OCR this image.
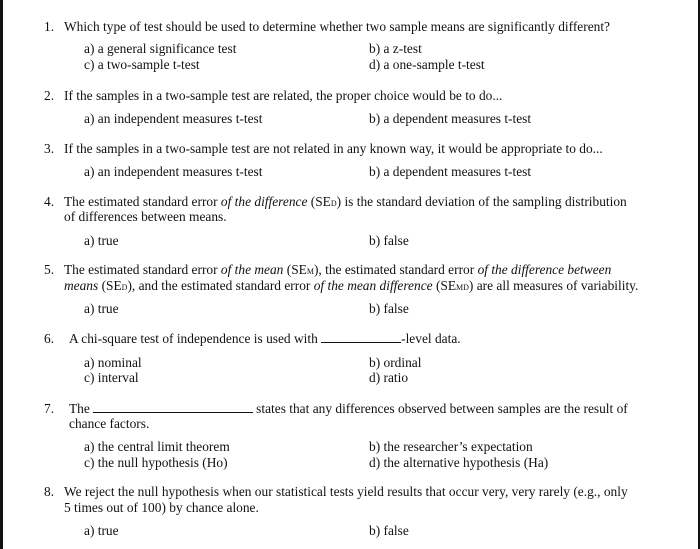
1. Which type of test should be used to determine whether two sample means are significantly different?
a) a general significance test	b) a z-test
c) a two-sample t-test	d) a one-sample t-test
2. If the samples in a two-sample test are related, the proper choice would be to do...
a) an independent measures t-test	b) a dependent measures t-test
3. If the samples in a two-sample test are not related in any known way, it would be appropriate to do...
a) an independent measures t-test	b) a dependent measures t-test
4. The estimated standard error of the difference (SED) is the standard deviation of the sampling distribution
of differences between means.
a) true	b) false
5. The estimated standard error of the mean (SEM), the estimated standard error of the difference between
means (SED), and the estimated standard error of the mean difference (SEMD) are all measures of variability.
a) true	b) false
6. A chi-square test of independence is used with	-level data.
a) nominal	b) ordinal
c) interval	d) ratio
7. The	states that any differences observed between samples are the result of
chance factors.
a) the central limit theorem	b) the researcher’s expectation
c) the null hypothesis (Ho)	d) the alternative hypothesis (Ha)
8. We reject the null hypothesis when our statistical tests yield results that occur very, very rarely (e.g., only
5 times out of 100) by chance alone.
a) true	b) false
